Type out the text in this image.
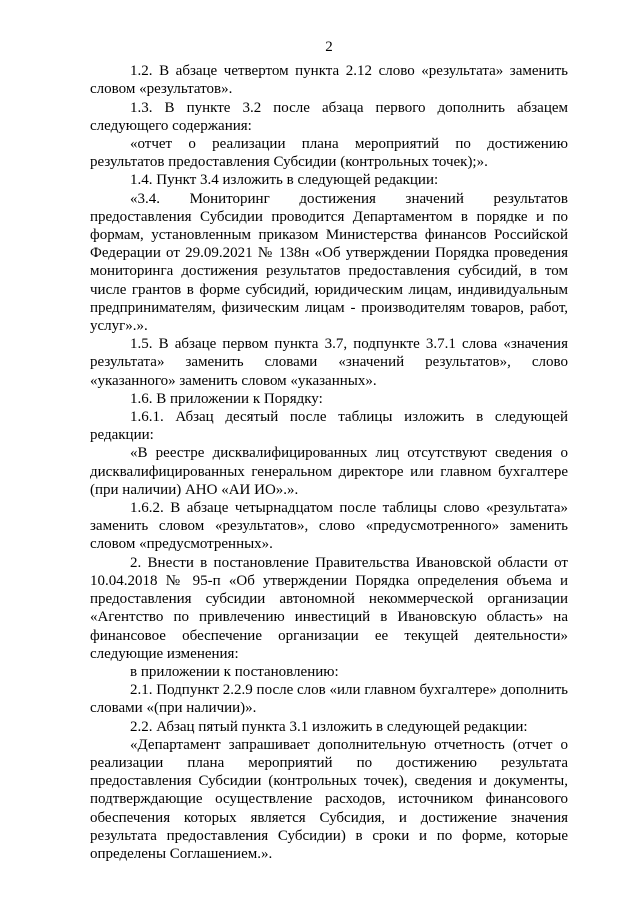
2

1.2. В абзаце четвертом пункта 2.12 слово «результата» заменить словом «результатов».

1.3. В пункте 3.2 после абзаца первого дополнить абзацем следующего содержания:

«отчет о реализации плана мероприятий по достижению результатов предоставления Субсидии (контрольных точек);».

1.4. Пункт 3.4 изложить в следующей редакции:

«3.4. Мониторинг достижения значений результатов предоставления Субсидии проводится Департаментом в порядке и по формам, установленным приказом Министерства финансов Российской Федерации от 29.09.2021 № 138н «Об утверждении Порядка проведения мониторинга достижения результатов предоставления субсидий, в том числе грантов в форме субсидий, юридическим лицам, индивидуальным предпринимателям, физическим лицам - производителям товаров, работ, услуг».».

1.5. В абзаце первом пункта 3.7, подпункте 3.7.1 слова «значения результата» заменить словами «значений результатов», слово «указанного» заменить словом «указанных».

1.6. В приложении к Порядку:

1.6.1. Абзац десятый после таблицы изложить в следующей редакции:

«В реестре дисквалифицированных лиц отсутствуют сведения о дисквалифицированных генеральном директоре или главном бухгалтере (при наличии) АНО «АИ ИО».».

1.6.2. В абзаце четырнадцатом после таблицы слово «результата» заменить словом «результатов», слово «предусмотренного» заменить словом «предусмотренных».

2. Внести в постановление Правительства Ивановской области от 10.04.2018 № 95-п «Об утверждении Порядка определения объема и предоставления субсидии автономной некоммерческой организации «Агентство по привлечению инвестиций в Ивановскую область» на финансовое обеспечение организации ее текущей деятельности» следующие изменения:

в приложении к постановлению:

2.1. Подпункт 2.2.9 после слов «или главном бухгалтере» дополнить словами «(при наличии)».

2.2. Абзац пятый пункта 3.1 изложить в следующей редакции:

«Департамент запрашивает дополнительную отчетность (отчет о реализации плана мероприятий по достижению результата предоставления Субсидии (контрольных точек), сведения и документы, подтверждающие осуществление расходов, источником финансового обеспечения которых является Субсидия, и достижение значения результата предоставления Субсидии) в сроки и по форме, которые определены Соглашением.».
